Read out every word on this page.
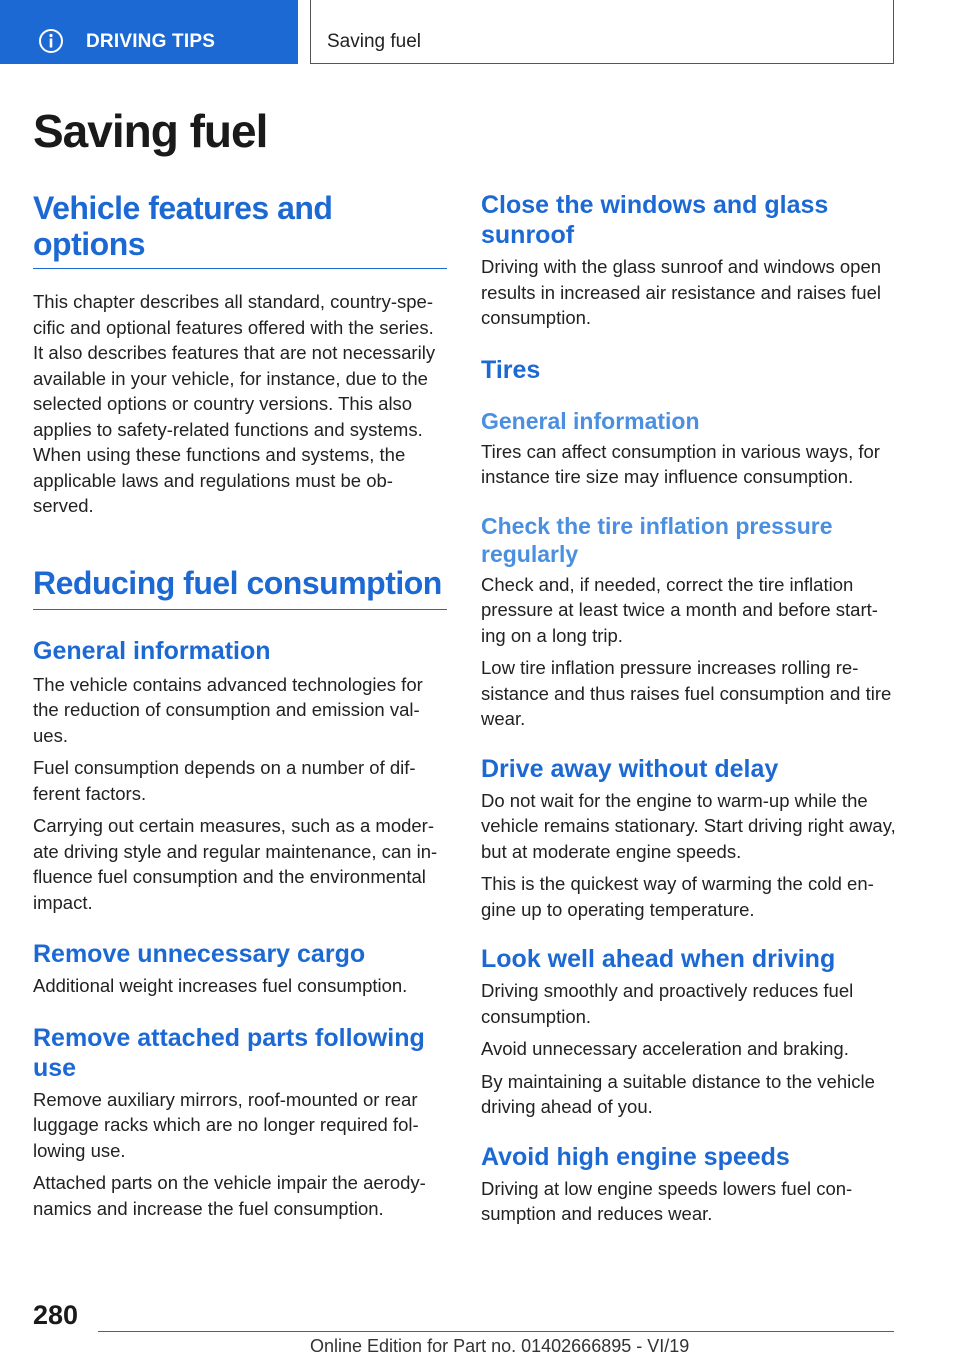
DRIVING TIPS	Saving fuel
Saving fuel
Vehicle features and options

This chapter describes all standard, country-spe- cific and optional features offered with the series. It also describes features that are not necessarily available in your vehicle, for instance, due to the selected options or country versions. This also applies to safety-related functions and systems. When using these functions and systems, the applicable laws and regulations must be ob- served.

Reducing fuel consumption
General information

The vehicle contains advanced technologies for the reduction of consumption and emission val- ues.

Fuel consumption depends on a number of dif- ferent factors.

Carrying out certain measures, such as a moder- ate driving style and regular maintenance, can in- fluence fuel consumption and the environmental impact.

Remove unnecessary cargo

Additional weight increases fuel consumption.

Remove attached parts following use

Remove auxiliary mirrors, roof-mounted or rear luggage racks which are no longer required fol- lowing use.

Attached parts on the vehicle impair the aerody- namics and increase the fuel consumption.

Close the windows and glass sunroof

Driving with the glass sunroof and windows open results in increased air resistance and raises fuel consumption.

Tires
General information

Tires can affect consumption in various ways, for instance tire size may influence consumption.

Check the tire inflation pressure regularly

Check and, if needed, correct the tire inflation pressure at least twice a month and before start- ing on a long trip.

Low tire inflation pressure increases rolling re- sistance and thus raises fuel consumption and tire wear.

Drive away without delay

Do not wait for the engine to warm-up while the vehicle remains stationary. Start driving right away, but at moderate engine speeds.

This is the quickest way of warming the cold en- gine up to operating temperature.

Look well ahead when driving

Driving smoothly and proactively reduces fuel consumption.

Avoid unnecessary acceleration and braking.

By maintaining a suitable distance to the vehicle driving ahead of you.

Avoid high engine speeds

Driving at low engine speeds lowers fuel con- sumption and reduces wear.

280
Online Edition for Part no. 01402666895 - VI/19
